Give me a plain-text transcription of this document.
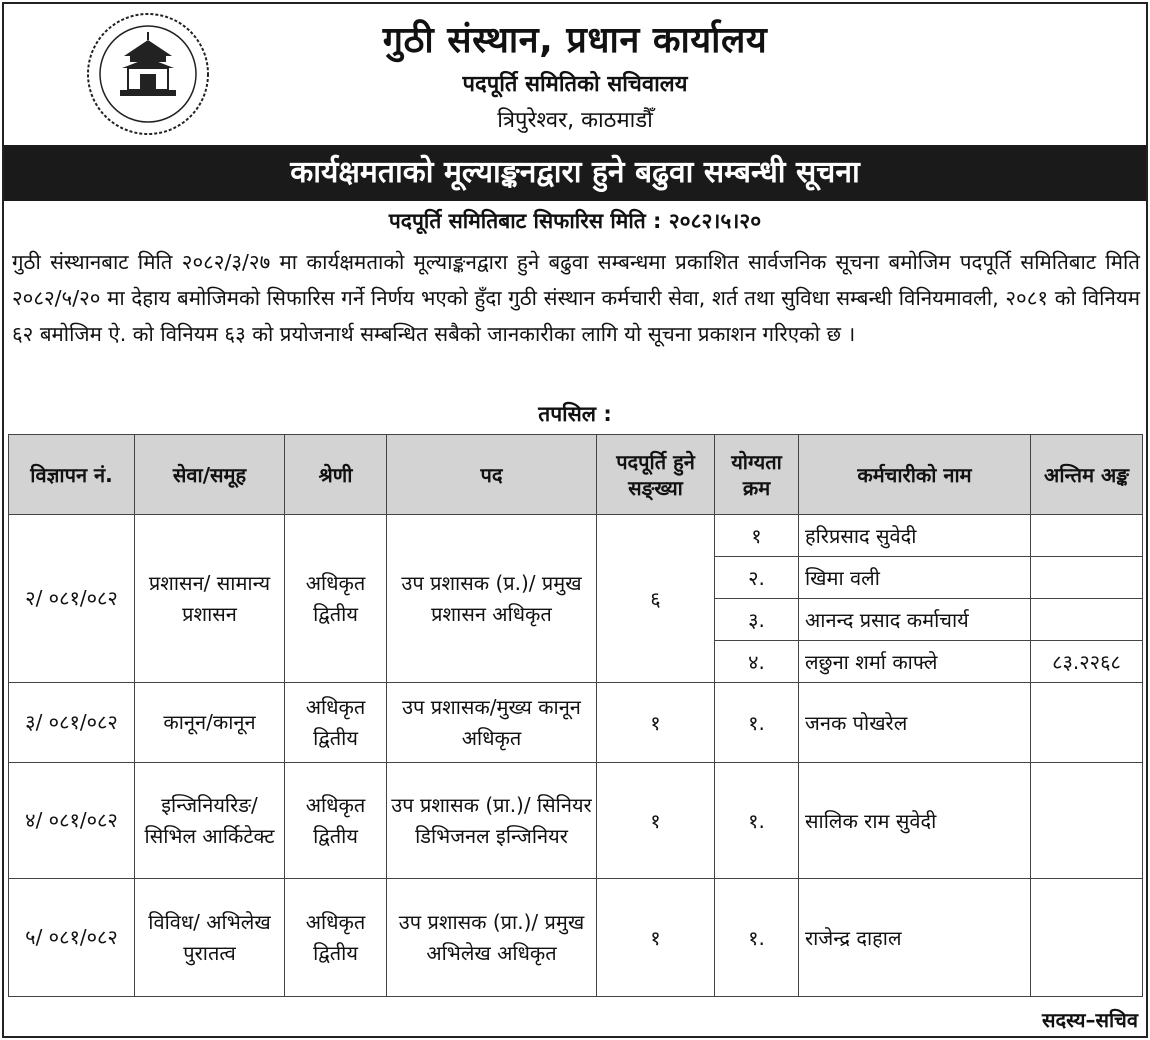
गुठी संस्थान, प्रधान कार्यालय
पदपूर्ति समितिको सचिवालय
त्रिपुरेश्वर, काठमाडौँ
कार्यक्षमताको मूल्याङ्कनद्वारा हुने बढुवा सम्बन्धी सूचना
पदपूर्ति समितिबाट सिफारिस मिति : २०८२।५।२०
गुठी संस्थानबाट मिति २०८२/३/२७ मा कार्यक्षमताको मूल्याङ्कनद्वारा हुने बढुवा सम्बन्धमा प्रकाशित सार्वजनिक सूचना बमोजिम पदपूर्ति समितिबाट मिति २०८२/५/२० मा देहाय बमोजिमको सिफारिस गर्ने निर्णय भएको हुँदा गुठी संस्थान कर्मचारी सेवा, शर्त तथा सुविधा सम्बन्धी विनियमावली, २०८१ को विनियम ६२ बमोजिम ऐ. को विनियम ६३ को प्रयोजनार्थ सम्बन्धित सबैको जानकारीका लागि यो सूचना प्रकाशन गरिएको छ ।
तपसिल :
विज्ञापन नं.	सेवा/समूह	श्रेणी	पद	पदपूर्ति हुने सङ्ख्या	योग्यता क्रम	कर्मचारीको नाम	अन्तिम अङ्क
२/ ०८१/०८२	प्रशासन/ सामान्य प्रशासन	अधिकृत द्वितीय	उप प्रशासक (प्र.)/ प्रमुख प्रशासन अधिकृत	६	१	हरिप्रसाद सुवेदी	
					२.	खिमा वली	
					३.	आनन्द प्रसाद कर्माचार्य	
					४.	लछुना शर्मा काफ्ले	८३.२२६८
३/ ०८१/०८२	कानून/कानून	अधिकृत द्वितीय	उप प्रशासक/मुख्य कानून अधिकृत	१	१.	जनक पोखरेल	
४/ ०८१/०८२	इन्जिनियरिङ/ सिभिल आर्किटेक्ट	अधिकृत द्वितीय	उप प्रशासक (प्रा.)/ सिनियर डिभिजनल इन्जिनियर	१	१.	सालिक राम सुवेदी	
५/ ०८१/०८२	विविध/ अभिलेख पुरातत्व	अधिकृत द्वितीय	उप प्रशासक (प्रा.)/ प्रमुख अभिलेख अधिकृत	१	१.	राजेन्द्र दाहाल	
सदस्य–सचिव
